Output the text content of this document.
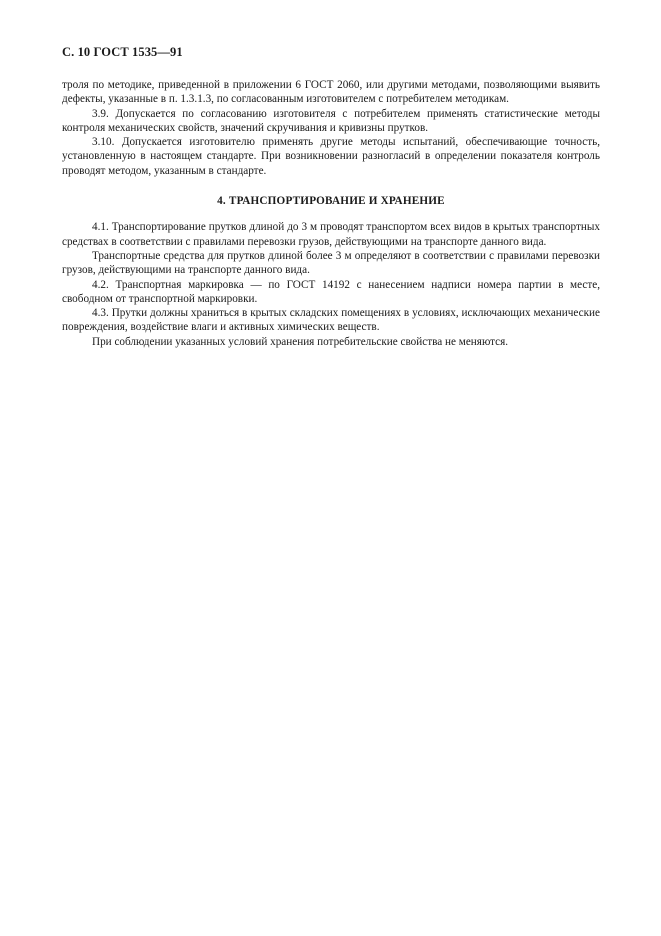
С. 10 ГОСТ 1535—91

троля по методике, приведенной в приложении 6 ГОСТ 2060, или другими методами, позволяющими выявить дефекты, указанные в п. 1.3.1.3, по согласованным изготовителем с потребителем методикам.

3.9. Допускается по согласованию изготовителя с потребителем применять статистические методы контроля механических свойств, значений скручивания и кривизны прутков.

3.10. Допускается изготовителю применять другие методы испытаний, обеспечивающие точность, установленную в настоящем стандарте. При возникновении разногласий в определении показателя контроль проводят методом, указанным в стандарте.

4. ТРАНСПОРТИРОВАНИЕ И ХРАНЕНИЕ

4.1. Транспортирование прутков длиной до 3 м проводят транспортом всех видов в крытых транспортных средствах в соответствии с правилами перевозки грузов, действующими на транспорте данного вида.

Транспортные средства для прутков длиной более 3 м определяют в соответствии с правилами перевозки грузов, действующими на транспорте данного вида.

4.2. Транспортная маркировка — по ГОСТ 14192 с нанесением надписи номера партии в месте, свободном от транспортной маркировки.

4.3. Прутки должны храниться в крытых складских помещениях в условиях, исключающих механические повреждения, воздействие влаги и активных химических веществ.

При соблюдении указанных условий хранения потребительские свойства не меняются.
